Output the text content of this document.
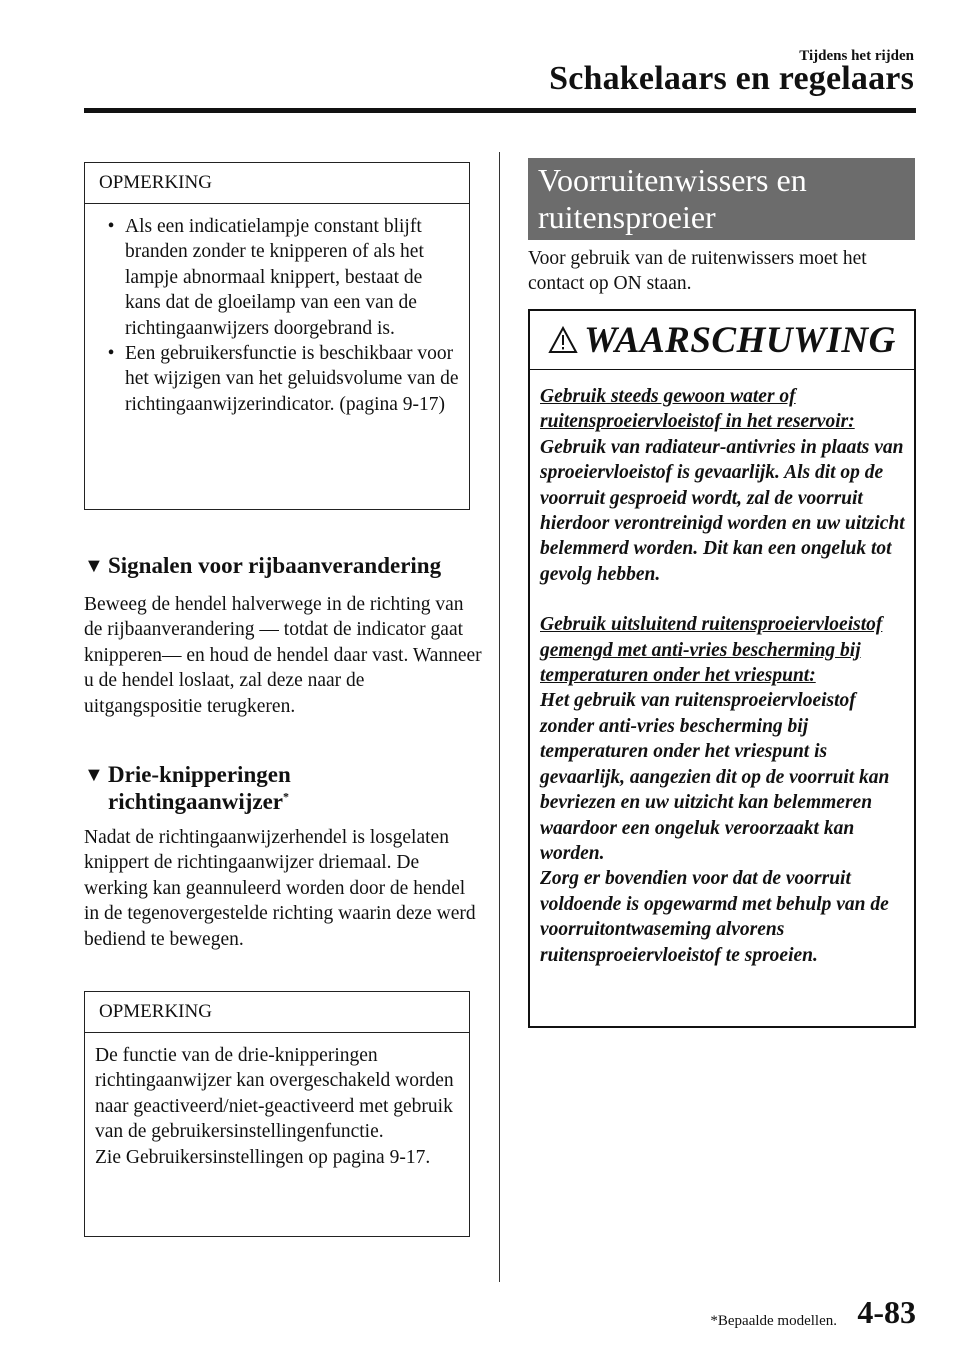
Tijdens het rijden
Schakelaars en regelaars
OPMERKING
• Als een indicatielampje constant blijft branden zonder te knipperen of als het lampje abnormaal knippert, bestaat de kans dat de gloeilamp van een van de richtingaanwijzers doorgebrand is.
• Een gebruikersfunctie is beschikbaar voor het wijzigen van het geluidsvolume van de richtingaanwijzerindicator. (pagina 9-17)
▼ Signalen voor rijbaanverandering
Beweeg de hendel halverwege in de richting van de rijbaanverandering — totdat de indicator gaat knipperen— en houd de hendel daar vast. Wanneer u de hendel loslaat, zal deze naar de uitgangspositie terugkeren.
▼ Drie-knipperingen
richtingaanwijzer*
Nadat de richtingaanwijzerhendel is losgelaten knippert de richtingaanwijzer driemaal. De werking kan geannuleerd worden door de hendel in de tegenovergestelde richting waarin deze werd bediend te bewegen.
OPMERKING
De functie van de drie-knipperingen richtingaanwijzer kan overgeschakeld worden naar geactiveerd/niet-geactiveerd met gebruik van de gebruikersinstellingenfunctie.
Zie Gebruikersinstellingen op pagina 9-17.
Voorruitenwissers en ruitensproeier
Voor gebruik van de ruitenwissers moet het contact op ON staan.
WAARSCHUWING
Gebruik steeds gewoon water of ruitensproeiervloeistof in het reservoir:
Gebruik van radiateur-antivries in plaats van sproeiervloeistof is gevaarlijk. Als dit op de voorruit gesproeid wordt, zal de voorruit hierdoor verontreinigd worden en uw uitzicht belemmerd worden. Dit kan een ongeluk tot gevolg hebben.
Gebruik uitsluitend ruitensproeiervloeistof gemengd met anti-vries bescherming bij temperaturen onder het vriespunt:
Het gebruik van ruitensproeiervloeistof zonder anti-vries bescherming bij temperaturen onder het vriespunt is gevaarlijk, aangezien dit op de voorruit kan bevriezen en uw uitzicht kan belemmeren waardoor een ongeluk veroorzaakt kan worden.
Zorg er bovendien voor dat de voorruit voldoende is opgewarmd met behulp van de voorruitontwaseming alvorens ruitensproeiervloeistof te sproeien.
*Bepaalde modellen. 4-83
